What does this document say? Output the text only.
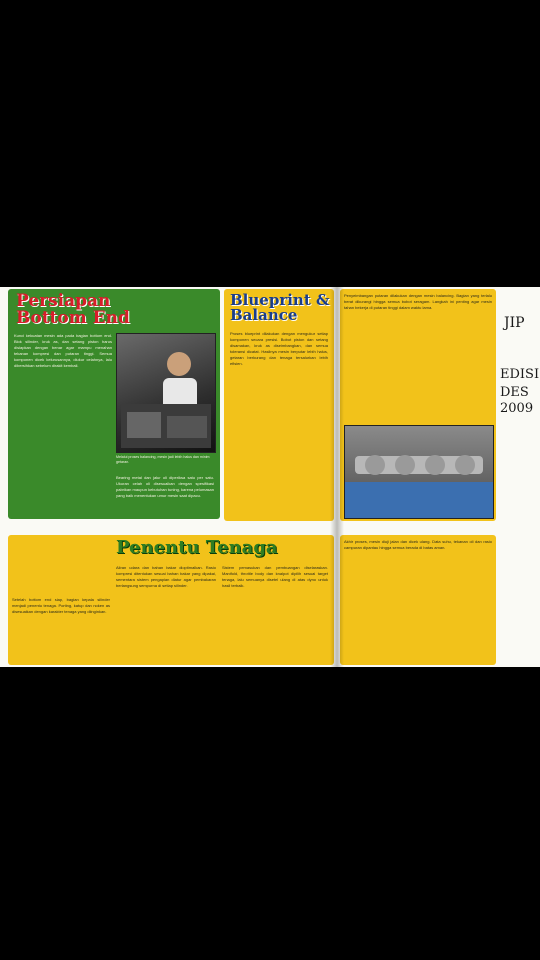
Persiapan Bottom End
Kunci kekuatan mesin ada pada bagian bottom end. Blok silinder, kruk as, dan setang piston harus disiapkan dengan benar agar mampu menahan tekanan kompresi dan putaran tinggi. Semua komponen dicek kelurusannya, diukur celahnya, lalu dibersihkan sebelum dirakit kembali.
Melalui proses balancing, mesin jadi lebih halus dan minim getaran.
Bearing metal dan jalur oli diperiksa satu per satu. Ukuran celah oli disesuaikan dengan spesifikasi pabrikan maupun kebutuhan tuning, karena pelumasan yang baik menentukan umur mesin saat dipacu.
Blueprint & Balance
Proses blueprint dilakukan dengan mengukur setiap komponen secara presisi. Bobot piston dan setang disamakan, kruk as diseimbangkan, dan semua toleransi dicatat. Hasilnya mesin berputar lebih halus, getaran berkurang dan tenaga tersalurkan lebih efisien.
Penyeimbangan putaran dilakukan dengan mesin balancing. Bagian yang terlalu berat dikurangi hingga semua bobot seragam. Langkah ini penting agar mesin tahan bekerja di putaran tinggi dalam waktu lama.
Penentu Tenaga
Setelah bottom end siap, bagian kepala silinder menjadi penentu tenaga. Porting, katup dan noken as disesuaikan dengan karakter tenaga yang diinginkan.
Aliran udara dan bahan bakar dioptimalkan. Rasio kompresi ditentukan sesuai bahan bakar yang dipakai, sementara sistem pengapian diatur agar pembakaran berlangsung sempurna di setiap silinder.
Sistem pemasukan dan pembuangan diselaraskan. Manifold, throttle body dan knalpot dipilih sesuai target tenaga, lalu semuanya disetel ulang di atas dyno untuk hasil terbaik.
Akhir proses, mesin diuji jalan dan dicek ulang. Data suhu, tekanan oli dan rasio campuran dipantau hingga semua berada di batas aman.
JIP
EDISI
DES 2009
